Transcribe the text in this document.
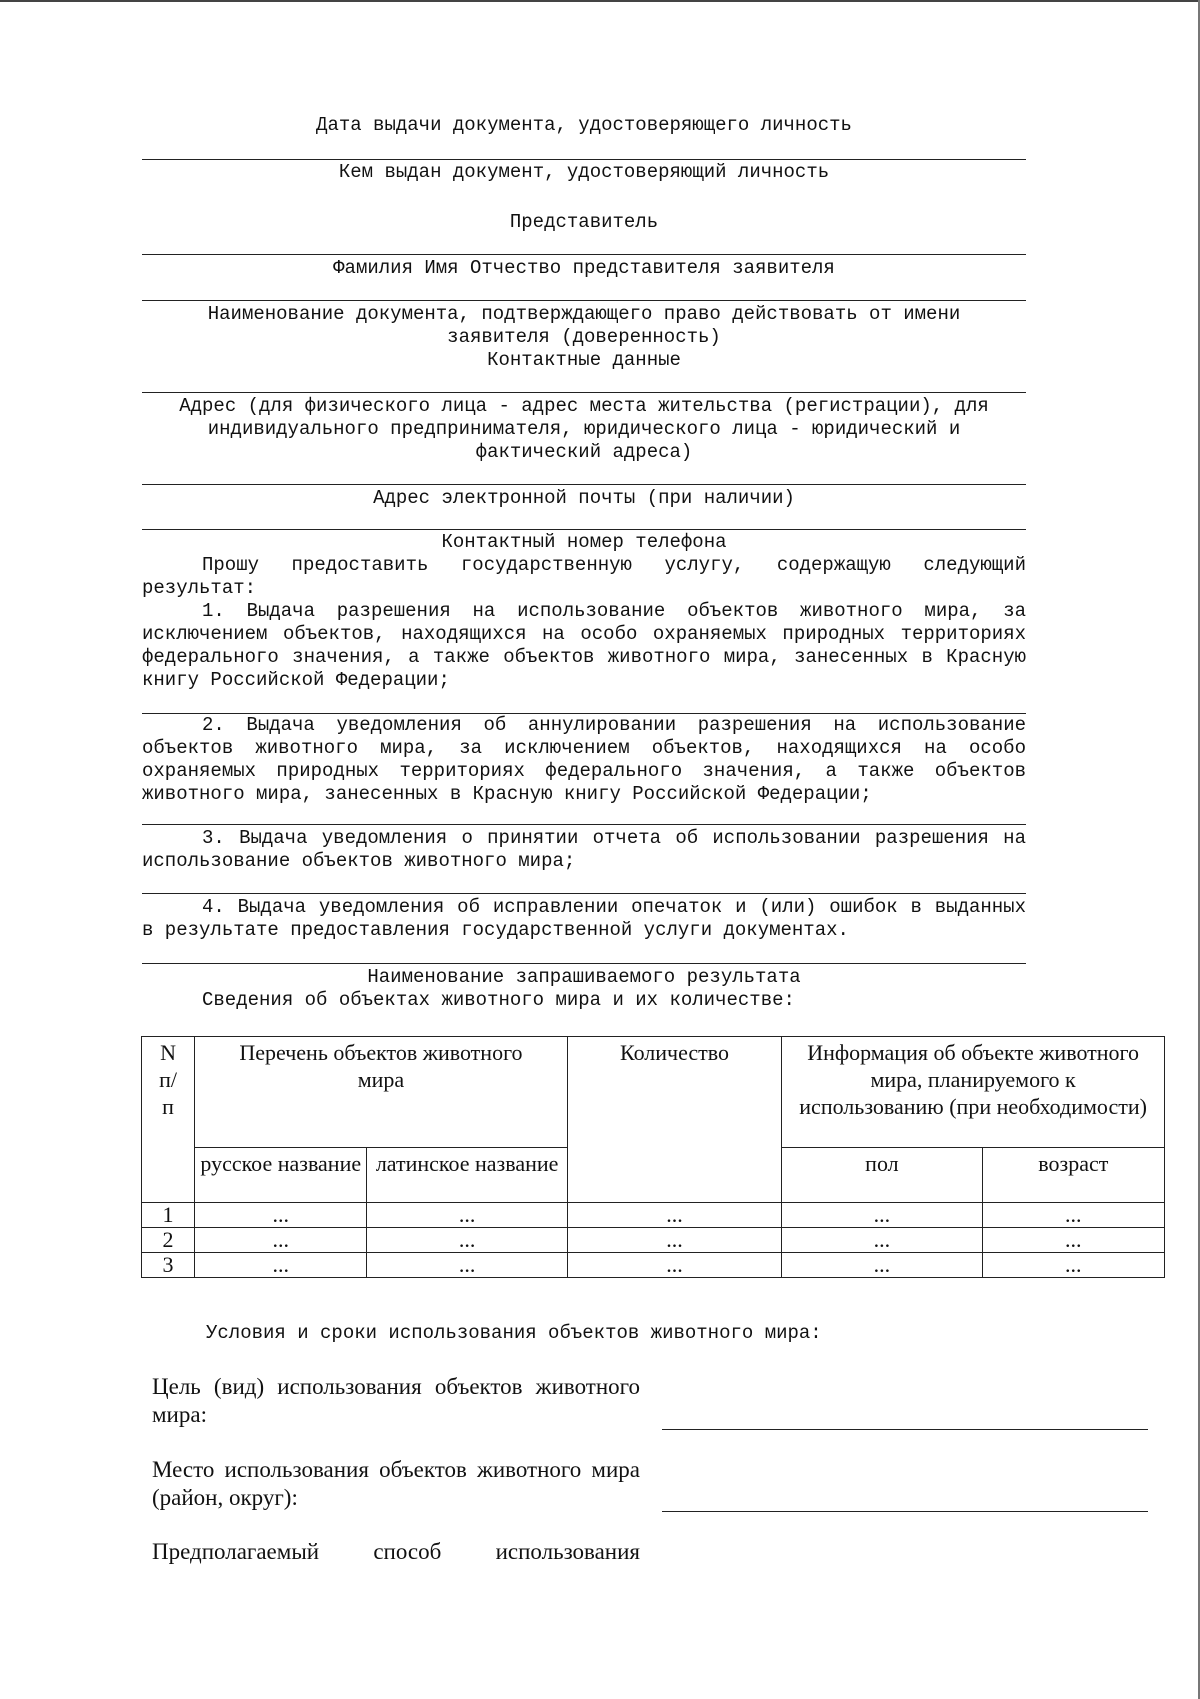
Дата выдачи документа, удостоверяющего личность
Кем выдан документ, удостоверяющий личность
Представитель
Фамилия Имя Отчество представителя заявителя
Наименование документа, подтверждающего право действовать от имени
заявителя (доверенность)
Контактные данные
Адрес (для физического лица - адрес места жительства (регистрации), для
индивидуального предпринимателя, юридического лица - юридический и
фактический адреса)
Адрес электронной почты (при наличии)
Контактный номер телефона
Прошу предоставить государственную услугу, содержащую следующий результат:
1. Выдача разрешения на использование объектов животного мира, за исключением объектов, находящихся на особо охраняемых природных территориях федерального значения, а также объектов животного мира, занесенных в Красную книгу Российской Федерации;
2. Выдача уведомления об аннулировании разрешения на использование объектов животного мира, за исключением объектов, находящихся на особо охраняемых природных территориях федерального значения, а также объектов животного мира, занесенных в Красную книгу Российской Федерации;
3. Выдача уведомления о принятии отчета об использовании разрешения на использование объектов животного мира;
4. Выдача уведомления об исправлении опечаток и (или) ошибок в выданных в результате предоставления государственной услуги документах.
Наименование запрашиваемого результата
Сведения об объектах животного мира и их количестве:
N п/ п	Перечень объектов животного мира		Количество	Информация об объекте животного мира, планируемого к использованию (при необходимости)	

	русское название	латинское название		пол	возраст
1	...	...	...	...	...
2	...	...	...	...	...
3	...	...	...	...	...
Условия и сроки использования объектов животного мира:
Цель (вид) использования объектов животного мира:
Место использования объектов животного мира (район, округ):
Предполагаемый способ использования
